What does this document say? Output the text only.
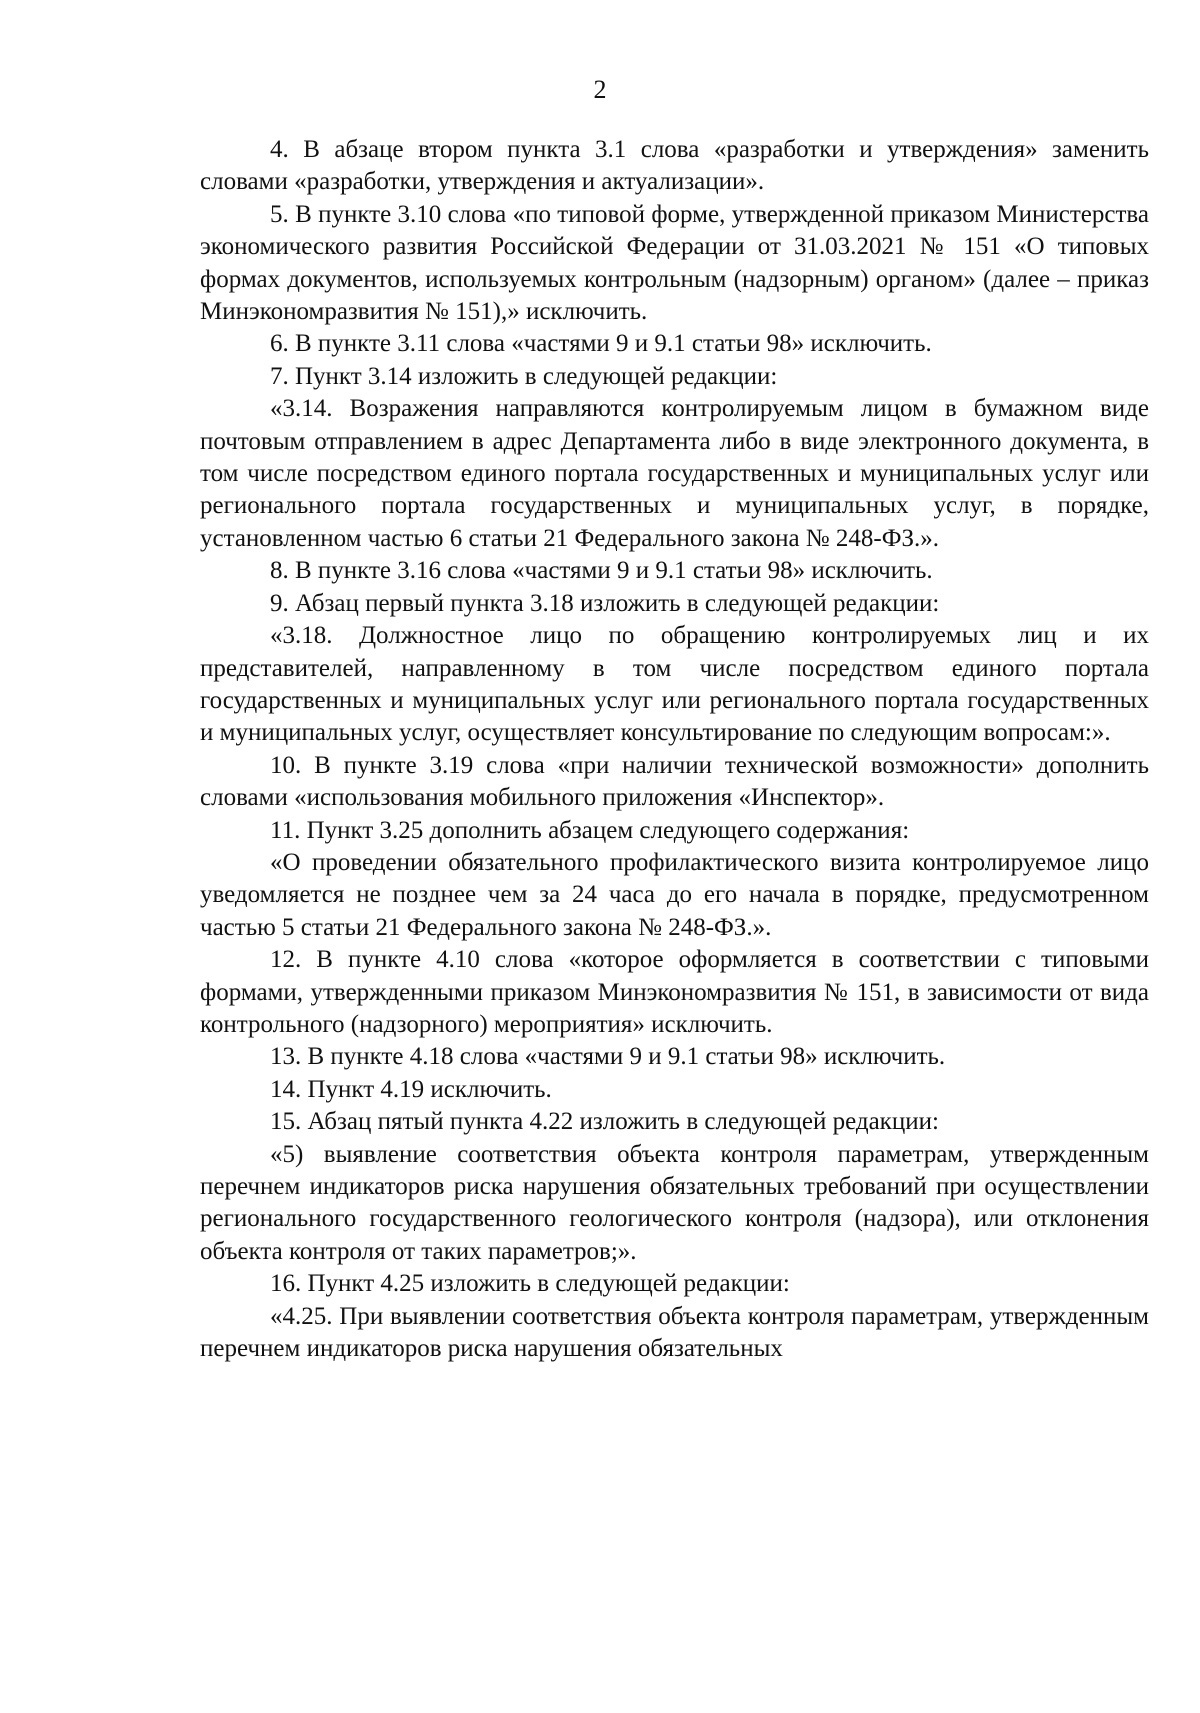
2

4. В абзаце втором пункта 3.1 слова «разработки и утверждения» заменить словами «разработки, утверждения и актуализации».

5. В пункте 3.10 слова «по типовой форме, утвержденной приказом Министерства экономического развития Российской Федерации от 31.03.2021 № 151 «О типовых формах документов, используемых контрольным (надзорным) органом» (далее – приказ Минэкономразвития № 151),» исключить.

6. В пункте 3.11 слова «частями 9 и 9.1 статьи 98» исключить.

7. Пункт 3.14 изложить в следующей редакции:

«3.14. Возражения направляются контролируемым лицом в бумажном виде почтовым отправлением в адрес Департамента либо в виде электронного документа, в том числе посредством единого портала государственных и муниципальных услуг или регионального портала государственных и муниципальных услуг, в порядке, установленном частью 6 статьи 21 Федерального закона № 248-ФЗ.».

8. В пункте 3.16 слова «частями 9 и 9.1 статьи 98» исключить.

9. Абзац первый пункта 3.18 изложить в следующей редакции:

«3.18. Должностное лицо по обращению контролируемых лиц и их представителей, направленному в том числе посредством единого портала государственных и муниципальных услуг или регионального портала государственных и муниципальных услуг, осуществляет консультирование по следующим вопросам:».

10. В пункте 3.19 слова «при наличии технической возможности» дополнить словами «использования мобильного приложения «Инспектор».

11. Пункт 3.25 дополнить абзацем следующего содержания:

«О проведении обязательного профилактического визита контролируемое лицо уведомляется не позднее чем за 24 часа до его начала в порядке, предусмотренном частью 5 статьи 21 Федерального закона № 248-ФЗ.».

12. В пункте 4.10 слова «которое оформляется в соответствии с типовыми формами, утвержденными приказом Минэкономразвития № 151, в зависимости от вида контрольного (надзорного) мероприятия» исключить.

13. В пункте 4.18 слова «частями 9 и 9.1 статьи 98» исключить.

14. Пункт 4.19 исключить.

15. Абзац пятый пункта 4.22 изложить в следующей редакции:

«5) выявление соответствия объекта контроля параметрам, утвержденным перечнем индикаторов риска нарушения обязательных требований при осуществлении регионального государственного геологического контроля (надзора), или отклонения объекта контроля от таких параметров;».

16. Пункт 4.25 изложить в следующей редакции:

«4.25. При выявлении соответствия объекта контроля параметрам, утвержденным перечнем индикаторов риска нарушения обязательных
